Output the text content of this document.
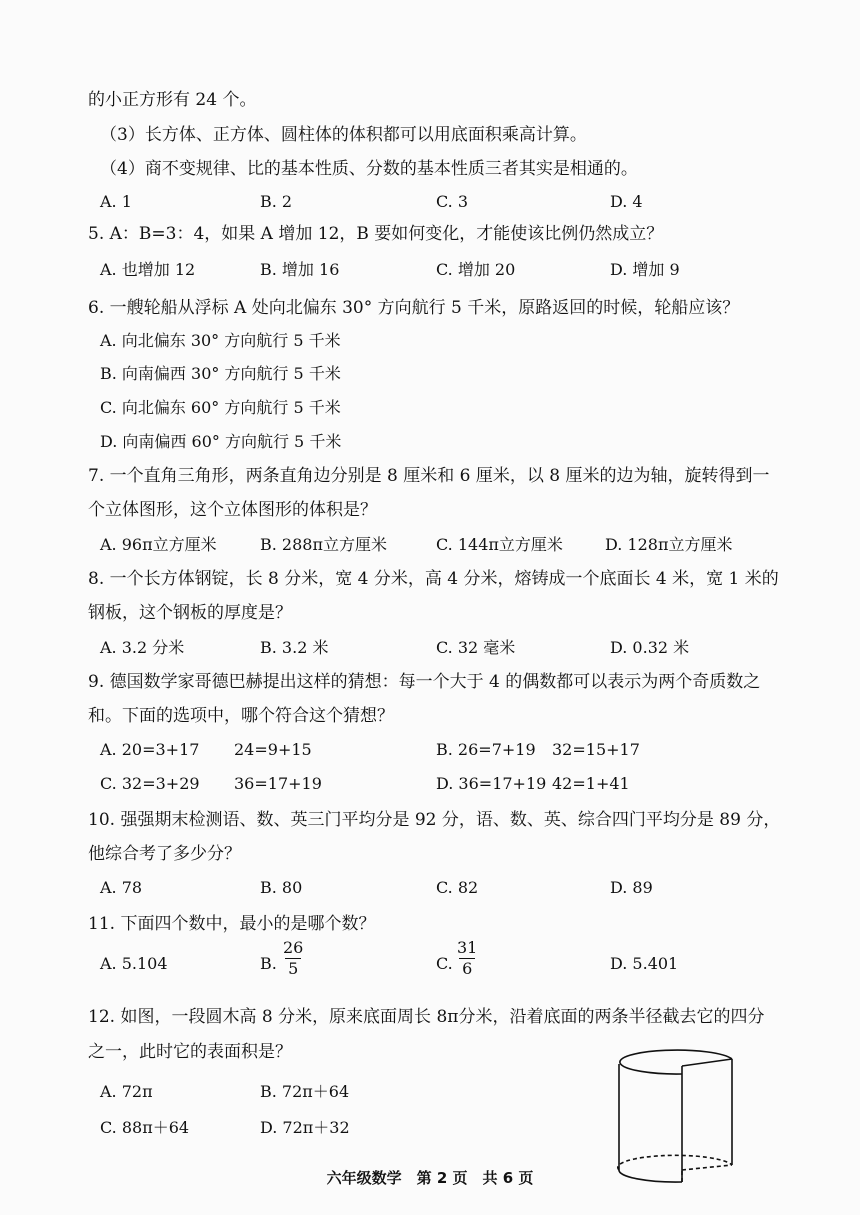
的小正方形有 24 个。
（3）长方体、正方体、圆柱体的体积都可以用底面积乘高计算。
（4）商不变规律、比的基本性质、分数的基本性质三者其实是相通的。
A. 1	B. 2	C. 3	D. 4
5. A：B=3：4，如果 A 增加 12，B 要如何变化，才能使该比例仍然成立？
A. 也增加 12	B. 增加 16	C. 增加 20	D. 增加 9
6. 一艘轮船从浮标 A 处向北偏东 30° 方向航行 5 千米，原路返回的时候，轮船应该？
A. 向北偏东 30° 方向航行 5 千米
B. 向南偏西 30° 方向航行 5 千米
C. 向北偏东 60° 方向航行 5 千米
D. 向南偏西 60° 方向航行 5 千米
7. 一个直角三角形，两条直角边分别是 8 厘米和 6 厘米，以 8 厘米的边为轴，旋转得到一
个立体图形，这个立体图形的体积是？
A. 96π立方厘米	B. 288π立方厘米	C. 144π立方厘米	D. 128π立方厘米
8. 一个长方体钢锭，长 8 分米，宽 4 分米，高 4 分米，熔铸成一个底面长 4 米，宽 1 米的
钢板，这个钢板的厚度是？
A. 3.2 分米	B. 3.2 米	C. 32 毫米	D. 0.32 米
9. 德国数学家哥德巴赫提出这样的猜想：每一个大于 4 的偶数都可以表示为两个奇质数之
和。下面的选项中，哪个符合这个猜想？
A. 20=3+17 24=9+15	B. 26=7+19 32=15+17
C. 32=3+29 36=17+19	D. 36=17+19 42=1+41
10. 强强期末检测语、数、英三门平均分是 92 分，语、数、英、综合四门平均分是 89 分，
他综合考了多少分？
A. 78	B. 80	C. 82	D. 89
11. 下面四个数中，最小的是哪个数？
A. 5.104	B. $\frac{26}{5}$	C. $\frac{31}{6}$	D. 5.401
12. 如图，一段圆木高 8 分米，原来底面周长 8π分米，沿着底面的两条半径截去它的四分
之一，此时它的表面积是？
A. 72π	B. 72π＋64
C. 88π＋64	D. 72π＋32
六年级数学　第 2 页　共 6 页
